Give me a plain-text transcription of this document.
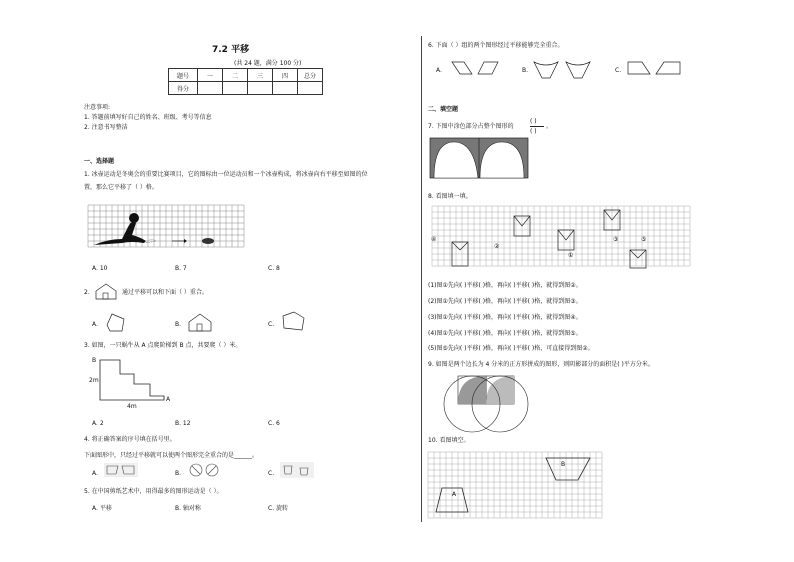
7.2 平移
(共 24 题，满分 100 分)
题号	一	二	三	四	总分
得分					
注意事项:
1. 答题前填写好自己的姓名、班级、考号等信息
2. 注意书写整洁
一、选择题
1. 冰壶运动是冬奥会的重要比赛项目，它的图标由一位运动员和一个冰壶构成，将冰壶向右平移至如图的位
置，那么它平移了（ ）格。
A. 10	B. 7	C. 8
2.	通过平移可以和下面（ ）重合。
A.	B.	C.
3. 如图，一只蜗牛从 A 点爬阶梯到 B 点，共要爬（ ）米。
B
A
2m
4m
A. 2	B. 12	C. 6
4. 将正确答案的序号填在括号里。
下面图形中，只经过平移就可以使两个图形完全重合的是______。
A.	B.	C.
5. 在中国剪纸艺术中，用得最多的图形运动是（ ）。
A. 平移	B. 轴对称	C. 旋转
6. 下面（ ）组的两个图形经过平移能够完全重合。
A.	B.	C.
二、填空题
7. 下图中涂色部分占整个图形的
( )
( )
。
8. 看图填一填。
④
②
①
③	⑤
(1)图①先向( )平移( )格，再向( )平移( )格，就得到图②。
(2)图①先向( )平移( )格，再向( )平移( )格，就得到图③。
(3)图①先向( )平移( )格，再向( )平移( )格，就得到图④。
(4)图①先向( )平移( )格，再向( )平移( )格，就得到图⑤。
(5)图⑤先向( )平移( )格，再向( )平移( )格，可直接得到图②。
9. 如图是两个边长为 4 分米的正方形拼成的图形，则阴影部分的面积是( )平方分米。
10. 看图填空。
A
B
